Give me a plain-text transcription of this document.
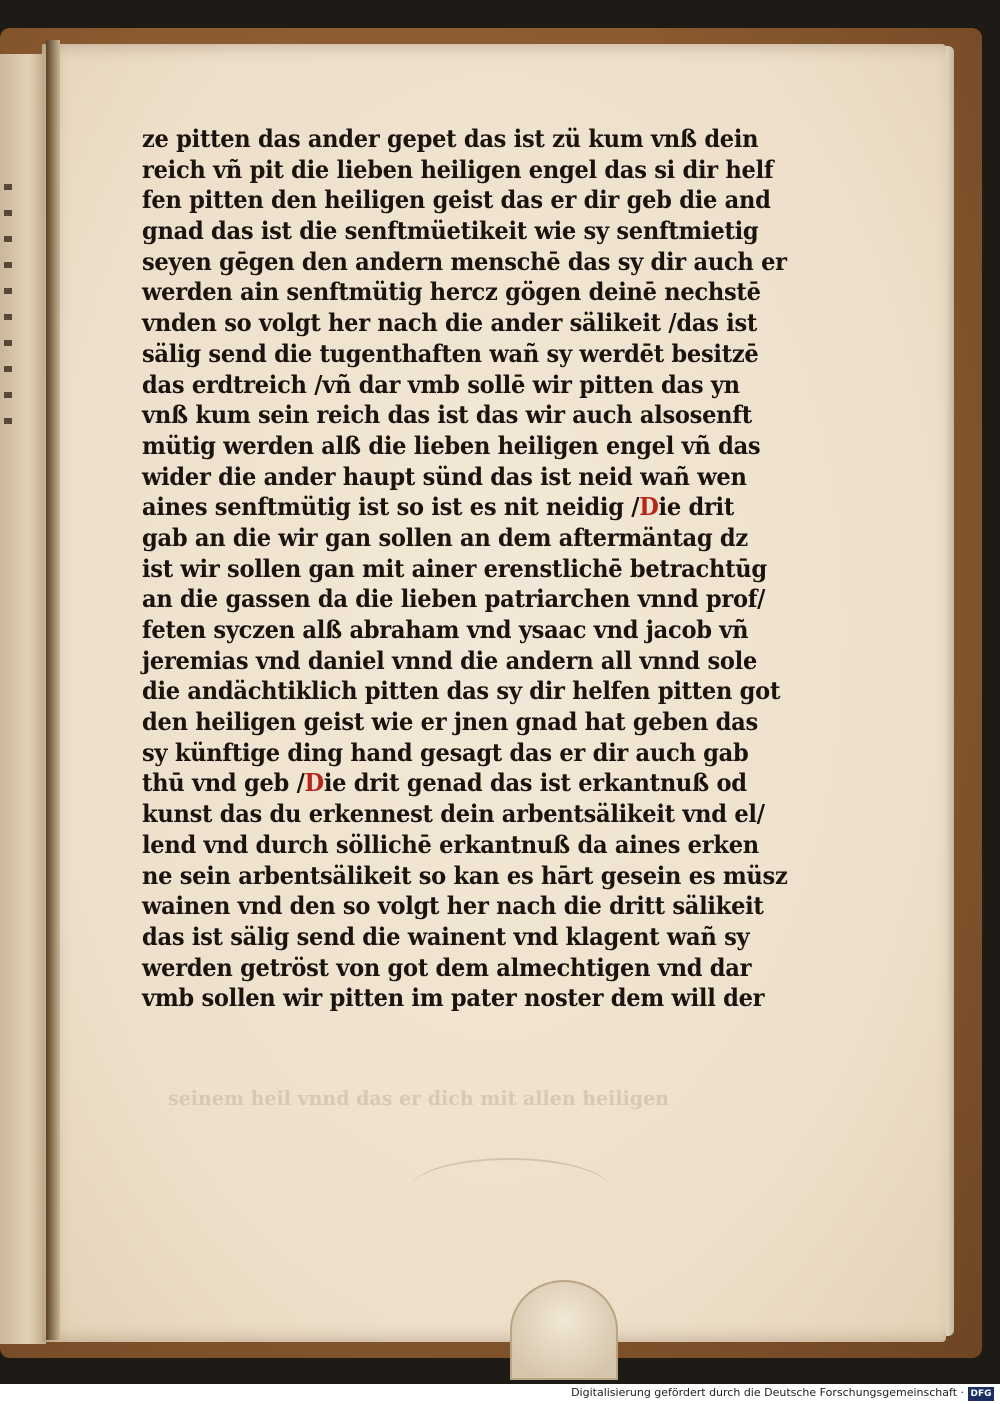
ze pitten das ander gepet das ist zü kum vnß dein
reich vñ pit die lieben heiligen engel das si dir helf
fen pitten den heiligen geist das er dir geb die and
gnad das ist die senftmüetikeit wie sy senftmietig
seyen gēgen den andern menschē das sy dir auch er
werden ain senftmütig hercz gögen deinē nechstē
vnden so volgt her nach die ander sälikeit /das ist
sälig send die tugenthaften wañ sy werdēt besitzē
das erdtreich /vñ dar vmb sollē wir pitten das yn
vnß kum sein reich das ist das wir auch alsosenft
mütig werden alß die lieben heiligen engel vñ das
wider die ander haupt sünd das ist neid wañ wen
aines senftmütig ist so ist es nit neidig /Die drit
gab an die wir gan sollen an dem aftermäntag dz
ist wir sollen gan mit ainer erenstlichē betrachtūg
an die gassen da die lieben patriarchen vnnd prof/
feten syczen alß abraham vnd ysaac vnd jacob vñ
jeremias vnd daniel vnnd die andern all vnnd sole
die andächtiklich pitten das sy dir helfen pitten got
den heiligen geist wie er jnen gnad hat geben das
sy künftige ding hand gesagt das er dir auch gab
thū vnd geb /Die drit genad das ist erkantnuß od
kunst das du erkennest dein arbentsälikeit vnd el/
lend vnd durch söllichē erkantnuß da aines erken
ne sein arbentsälikeit so kan es hārt gesein es müsz
wainen vnd den so volgt her nach die dritt sälikeit
das ist sälig send die wainent vnd klagent wañ sy
werden getröst von got dem almechtigen vnd dar
vmb sollen wir pitten im pater noster dem will der
seinem heil vnnd das er dich mit allen heiligen
Digitalisierung gefördert durch die Deutsche Forschungsgemeinschaft · DFG
